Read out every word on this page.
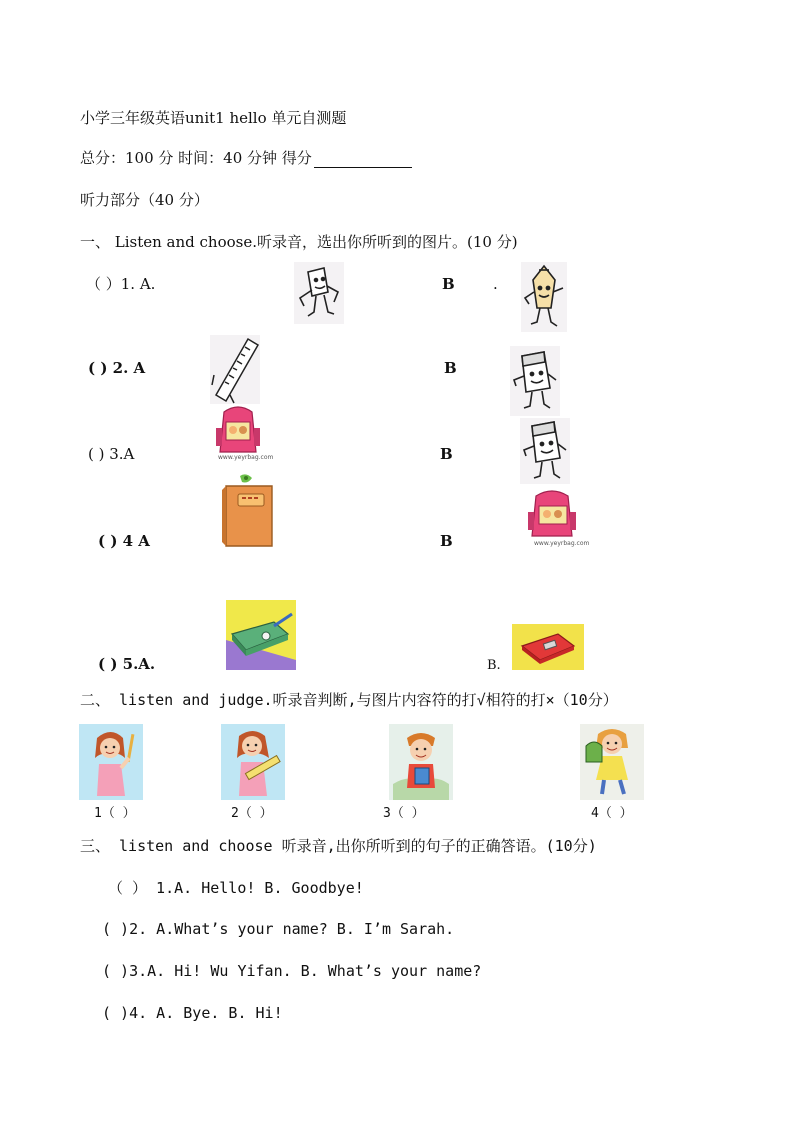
小学三年级英语unit1 hello 单元自测题
总分：100 分 时间：40 分钟 得分
听力部分（40 分）
一、 Listen and choose.听录音，选出你所听到的图片。(10 分)
（ ）1. A.	B	.
( ) 2. A	B
( ) 3.A	www.yeyrbag.com	B
( ) 4 A	B	www.yeyrbag.com
( ) 5.A.	B.
二、 listen and judge.听录音判断,与图片内容符的打√相符的打×（10分）
1（ ）	2（ ）	3（ ）	4（ ）
三、 listen and choose 听录音,出你所听到的句子的正确答语。(10分)
（ ） 1.A. Hello! B. Goodbye!
( )2. A.What’s your name? B. I’m Sarah.
( )3.A. Hi! Wu Yifan. B. What’s your name?
( )4. A. Bye. B. Hi!
